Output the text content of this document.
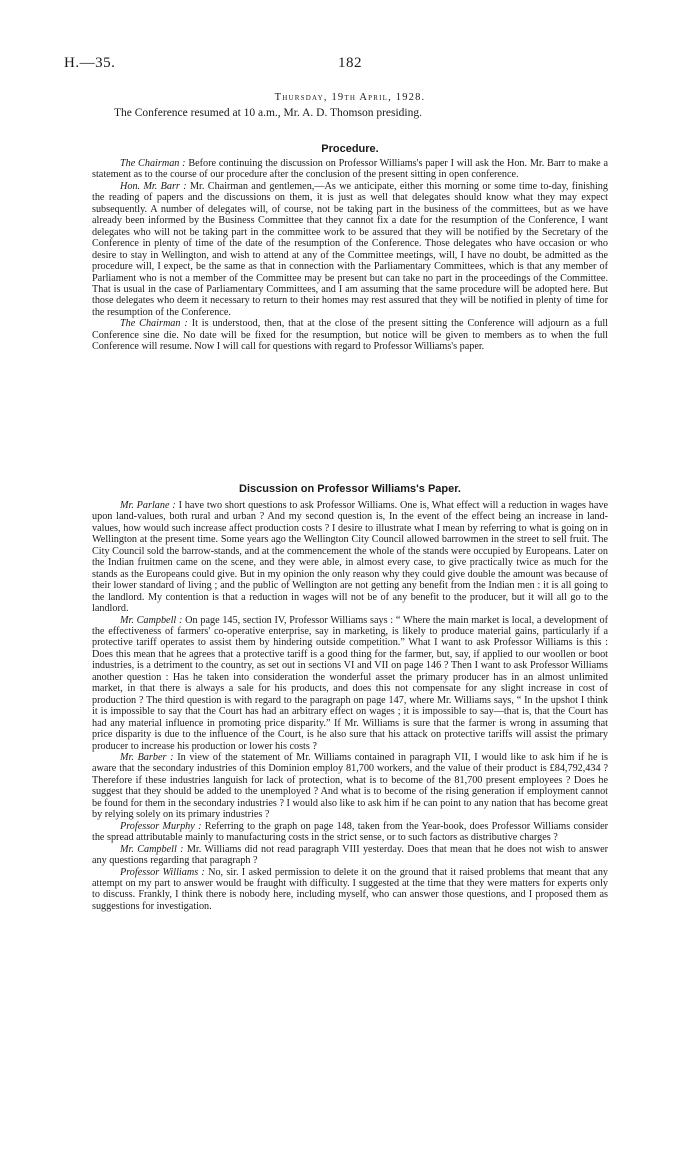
H.—35.	182
Thursday, 19th April, 1928.
The Conference resumed at 10 a.m., Mr. A. D. Thomson presiding.
Procedure.

The Chairman : Before continuing the discussion on Professor Williams's paper I will ask the Hon. Mr. Barr to make a statement as to the course of our procedure after the conclusion of the present sitting in open conference.

Hon. Mr. Barr : Mr. Chairman and gentlemen,—As we anticipate, either this morning or some time to-day, finishing the reading of papers and the discussions on them, it is just as well that delegates should know what they may expect subsequently. A number of delegates will, of course, not be taking part in the business of the committees, but as we have already been informed by the Business Committee that they cannot fix a date for the resumption of the Conference, I want delegates who will not be taking part in the committee work to be assured that they will be notified by the Secretary of the Conference in plenty of time of the date of the resumption of the Conference. Those delegates who have occasion or who desire to stay in Wellington, and wish to attend at any of the Committee meetings, will, I have no doubt, be admitted as the procedure will, I expect, be the same as that in connection with the Parliamentary Committees, which is that any member of Parliament who is not a member of the Committee may be present but can take no part in the proceedings of the Committee. That is usual in the case of Parliamentary Committees, and I am assuming that the same procedure will be adopted here. But those delegates who deem it necessary to return to their homes may rest assured that they will be notified in plenty of time for the resumption of the Conference.

The Chairman : It is understood, then, that at the close of the present sitting the Conference will adjourn as a full Conference sine die. No date will be fixed for the resumption, but notice will be given to members as to when the full Conference will resume. Now I will call for questions with regard to Professor Williams's paper.

Discussion on Professor Williams's Paper.

Mr. Parlane : I have two short questions to ask Professor Williams. One is, What effect will a reduction in wages have upon land-values, both rural and urban ? And my second question is, In the event of the effect being an increase in land-values, how would such increase affect production costs ? I desire to illustrate what I mean by referring to what is going on in Wellington at the present time. Some years ago the Wellington City Council allowed barrowmen in the street to sell fruit. The City Council sold the barrow-stands, and at the commencement the whole of the stands were occupied by Europeans. Later on the Indian fruitmen came on the scene, and they were able, in almost every case, to give practically twice as much for the stands as the Europeans could give. But in my opinion the only reason why they could give double the amount was because of their lower standard of living ; and the public of Wellington are not getting any benefit from the Indian men : it is all going to the landlord. My contention is that a reduction in wages will not be of any benefit to the producer, but it will all go to the landlord.

Mr. Campbell : On page 145, section IV, Professor Williams says : “ Where the main market is local, a development of the effectiveness of farmers' co-operative enterprise, say in marketing, is likely to produce material gains, particularly if a protective tariff operates to assist them by hindering outside competition.” What I want to ask Professor Williams is this : Does this mean that he agrees that a protective tariff is a good thing for the farmer, but, say, if applied to our woollen or boot industries, is a detriment to the country, as set out in sections VI and VII on page 146 ? Then I want to ask Professor Williams another question : Has he taken into consideration the wonderful asset the primary producer has in an almost unlimited market, in that there is always a sale for his products, and does this not compensate for any slight increase in cost of production ? The third question is with regard to the paragraph on page 147, where Mr. Williams says, “ In the upshot I think it is impossible to say that the Court has had an arbitrary effect on wages ; it is impossible to say—that is, that the Court has had any material influence in promoting price disparity.” If Mr. Williams is sure that the farmer is wrong in assuming that price disparity is due to the influence of the Court, is he also sure that his attack on protective tariffs will assist the primary producer to increase his production or lower his costs ?

Mr. Barber : In view of the statement of Mr. Williams contained in paragraph VII, I would like to ask him if he is aware that the secondary industries of this Dominion employ 81,700 workers, and the value of their product is £84,792,434 ? Therefore if these industries languish for lack of protection, what is to become of the 81,700 present employees ? Does he suggest that they should be added to the unemployed ? And what is to become of the rising generation if employment cannot be found for them in the secondary industries ? I would also like to ask him if he can point to any nation that has become great by relying solely on its primary industries ?

Professor Murphy : Referring to the graph on page 148, taken from the Year-book, does Professor Williams consider the spread attributable mainly to manufacturing costs in the strict sense, or to such factors as distributive charges ?

Mr. Campbell : Mr. Williams did not read paragraph VIII yesterday. Does that mean that he does not wish to answer any questions regarding that paragraph ?

Professor Williams : No, sir. I asked permission to delete it on the ground that it raised problems that meant that any attempt on my part to answer would be fraught with difficulty. I suggested at the time that they were matters for experts only to discuss. Frankly, I think there is nobody here, including myself, who can answer those questions, and I proposed them as suggestions for investigation.
